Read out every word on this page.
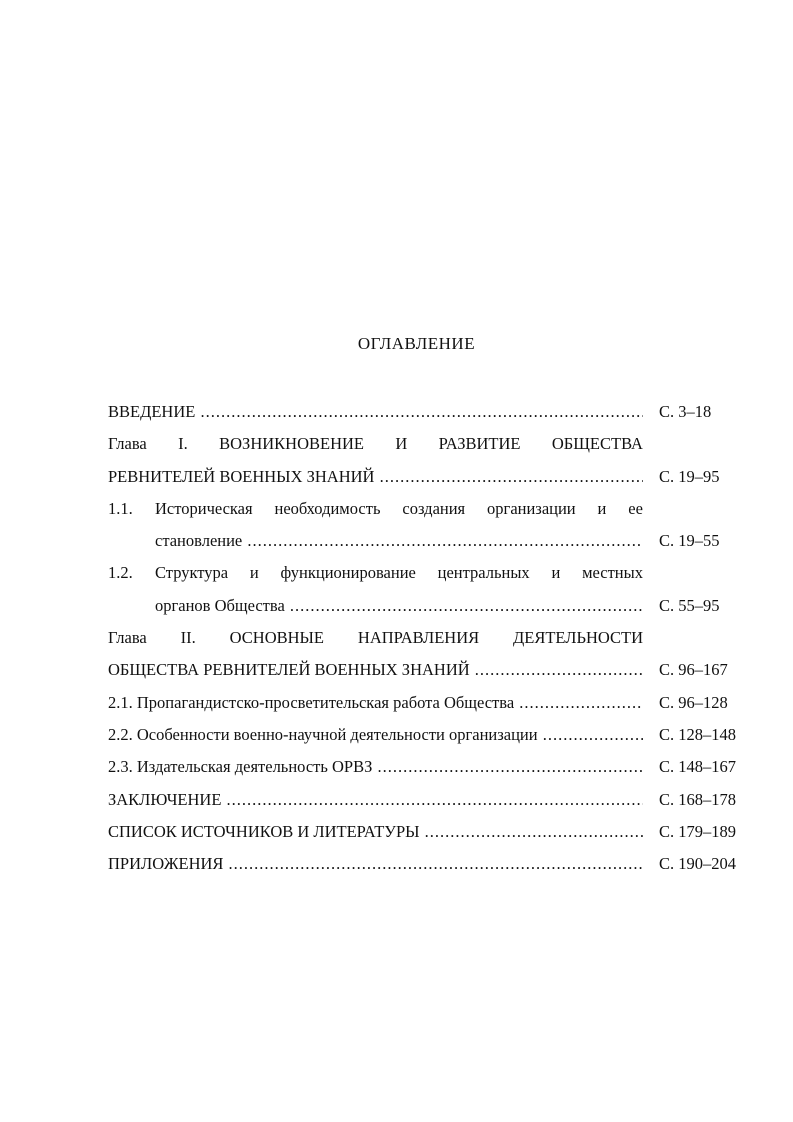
ОГЛАВЛЕНИЕ
ВВЕДЕНИЕ .....	С. 3–18
Глава I. ВОЗНИКНОВЕНИЕ И РАЗВИТИЕ ОБЩЕСТВА
РЕВНИТЕЛЕЙ ВОЕННЫХ ЗНАНИЙ .....	С. 19–95
1.1.	Историческая необходимость создания организации и ее
становление .....	С. 19–55
1.2.	Структура и функционирование центральных и местных
органов Общества .....	С. 55–95
Глава II. ОСНОВНЫЕ НАПРАВЛЕНИЯ ДЕЯТЕЛЬНОСТИ
ОБЩЕСТВА РЕВНИТЕЛЕЙ ВОЕННЫХ ЗНАНИЙ .....	С. 96–167
2.1. Пропагандистско-просветительская работа Общества .....	С. 96–128
2.2. Особенности военно-научной деятельности организации .....	С. 128–148
2.3. Издательская деятельность ОРВЗ .....	С. 148–167
ЗАКЛЮЧЕНИЕ .....	С. 168–178
СПИСОК ИСТОЧНИКОВ И ЛИТЕРАТУРЫ .....	С. 179–189
ПРИЛОЖЕНИЯ .....	С. 190–204
